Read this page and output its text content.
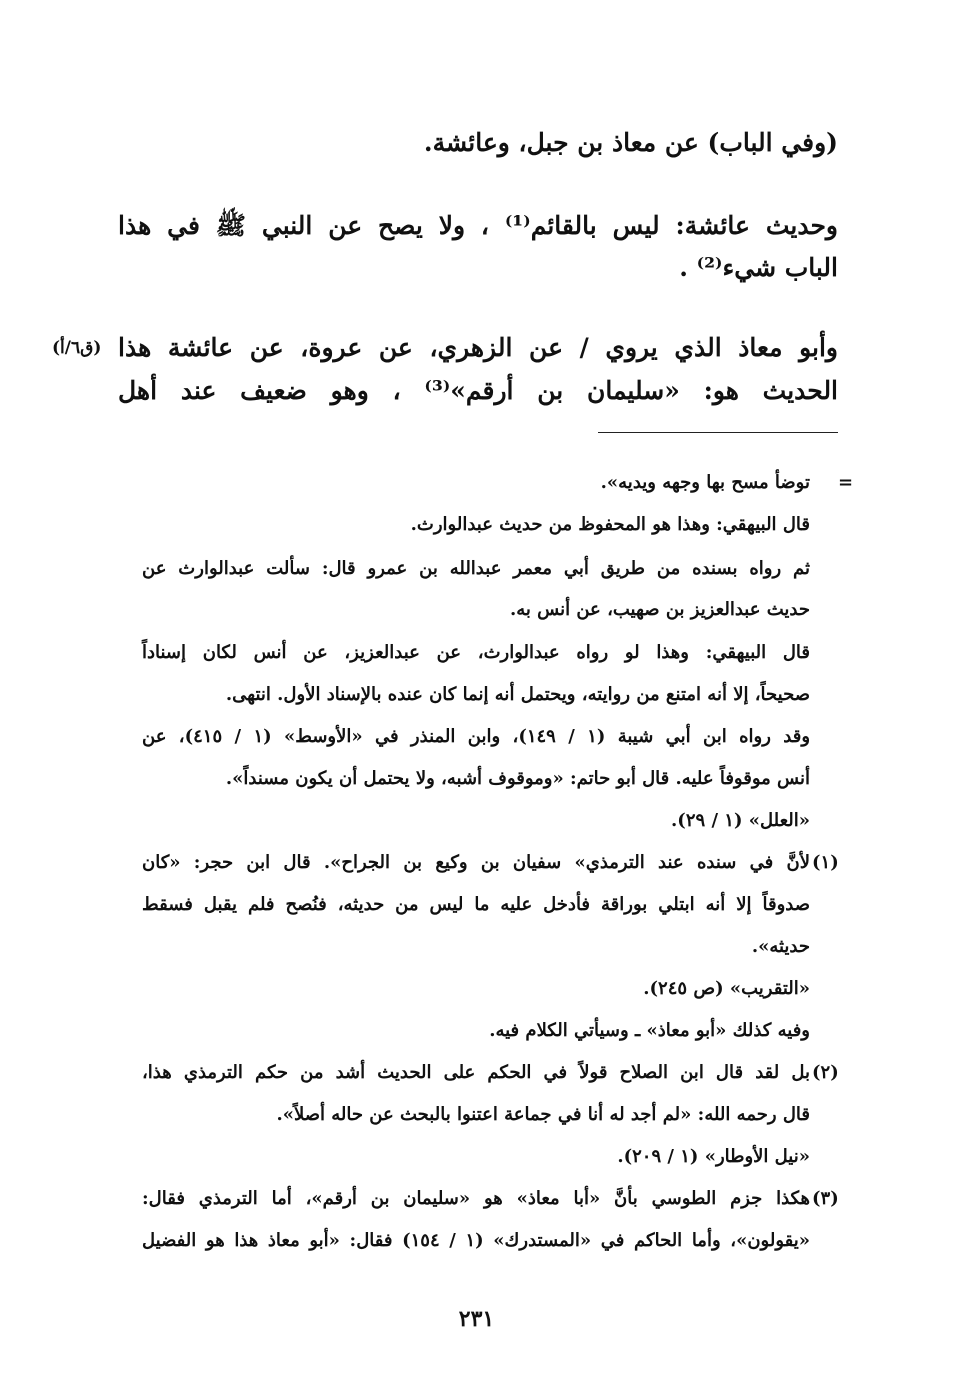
(وفي الباب) عن معاذ بن جبل، وعائشة.
وحديث عائشة: ليس بالقائم⁽¹⁾ ، ولا يصح عن النبي ﷺ في هذا
الباب شيء⁽²⁾ .
وأبو معاذ الذي يروي / عن الزهري، عن عروة، عن عائشة هذا
(ق٦/أ)
الحديث هو: «سليمان بن أرقم»⁽³⁾ ، وهو ضعيف عند أهل
=
توضأ مسح بها وجهه ويديه».
قال البيهقي: وهذا هو المحفوظ من حديث عبدالوارث.
ثم رواه بسنده من طريق أبي معمر عبدالله بن عمرو قال: سألت عبدالوارث عن
حديث عبدالعزيز بن صهيب، عن أنس به.
قال البيهقي: وهذا لو رواه عبدالوارث، عن عبدالعزيز، عن أنس لكان إسناداً
صحيحاً، إلا أنه امتنع من روايته، ويحتمل أنه إنما كان عنده بالإسناد الأول. انتهى.
وقد رواه ابن أبي شيبة (١ / ١٤٩)، وابن المنذر في «الأوسط» (١ / ٤١٥)، عن
أنس موقوفاً عليه. قال أبو حاتم: «وموقوف أشبه، ولا يحتمل أن يكون مسنداً».
«العلل» (١ / ٢٩).
(١)
لأنَّ في سنده عند الترمذي» سفيان بن وكيع بن الجراح». قال ابن حجر: «كان
صدوقاً إلا أنه ابتلي بوراقة فأدخل عليه ما ليس من حديثه، فنُصح فلم يقبل فسقط
حديثه».
«التقريب» (ص ٢٤٥).
وفيه كذلك «أبو معاذ» ـ وسيأتي الكلام فيه.
(٢)
بل لقد قال ابن الصلاح قولاً في الحكم على الحديث أشد من حكم الترمذي هذا،
قال رحمه الله: «لم أجد له أنا في جماعة اعتنوا بالبحث عن حاله أصلاً».
«نيل الأوطار» (١ / ٢٠٩).
(٣)
هكذا جزم الطوسي بأنَّ «أبا معاذ» هو «سليمان بن أرقم»، أما الترمذي فقال:
«يقولون»، وأما الحاكم في «المستدرك» (١ / ١٥٤) فقال: «أبو معاذ هذا هو الفضيل
٢٣١
